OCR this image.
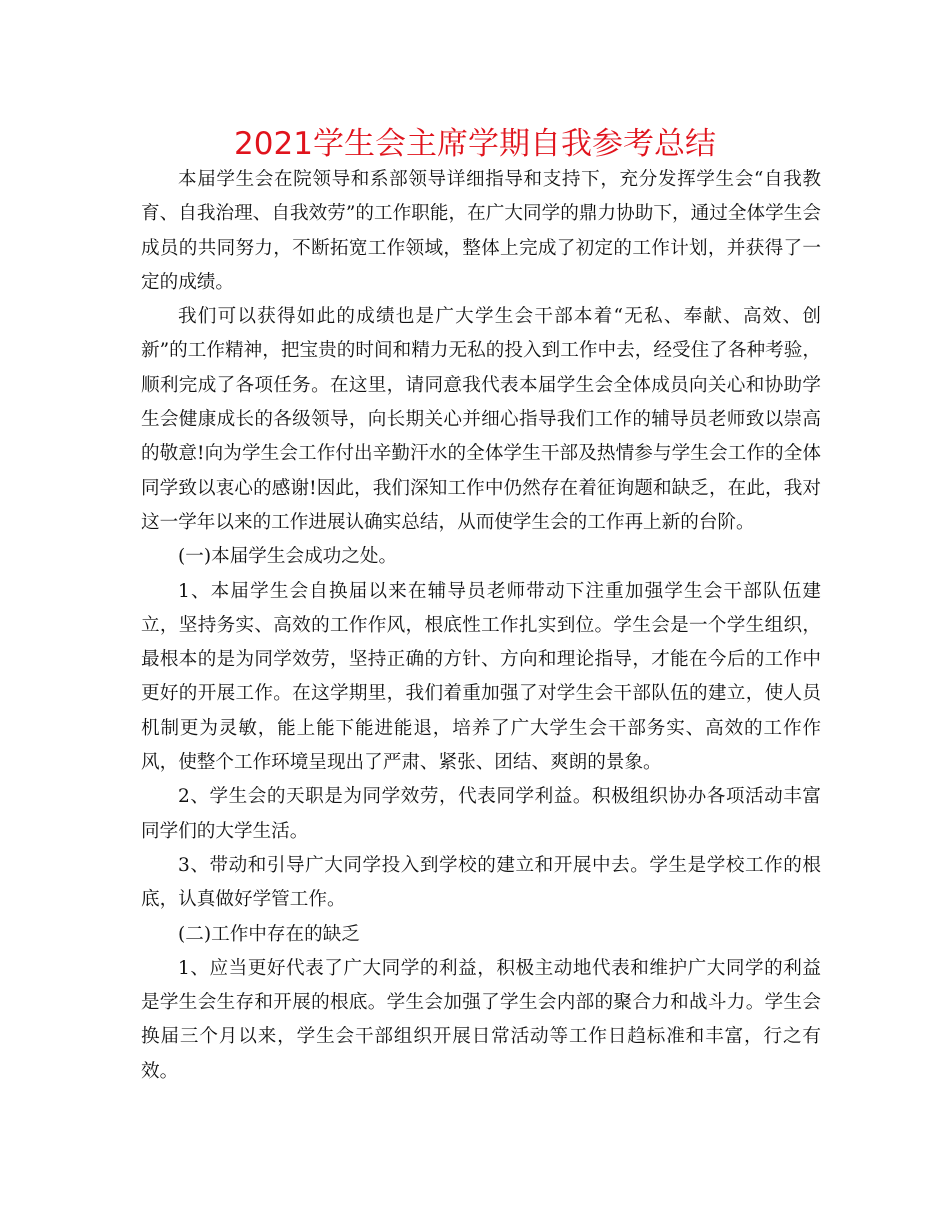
2021学生会主席学期自我参考总结

本届学生会在院领导和系部领导详细指导和支持下，充分发挥学生会“自我教育、自我治理、自我效劳”的工作职能，在广大同学的鼎力协助下，通过全体学生会成员的共同努力，不断拓宽工作领域，整体上完成了初定的工作计划，并获得了一定的成绩。

我们可以获得如此的成绩也是广大学生会干部本着“无私、奉献、高效、创新”的工作精神，把宝贵的时间和精力无私的投入到工作中去，经受住了各种考验，顺利完成了各项任务。在这里，请同意我代表本届学生会全体成员向关心和协助学生会健康成长的各级领导，向长期关心并细心指导我们工作的辅导员老师致以崇高的敬意!向为学生会工作付出辛勤汗水的全体学生干部及热情参与学生会工作的全体同学致以衷心的感谢!因此，我们深知工作中仍然存在着征询题和缺乏，在此，我对这一学年以来的工作进展认确实总结，从而使学生会的工作再上新的台阶。

(一)本届学生会成功之处。

1、本届学生会自换届以来在辅导员老师带动下注重加强学生会干部队伍建立，坚持务实、高效的工作作风，根底性工作扎实到位。学生会是一个学生组织，最根本的是为同学效劳，坚持正确的方针、方向和理论指导，才能在今后的工作中更好的开展工作。在这学期里，我们着重加强了对学生会干部队伍的建立，使人员机制更为灵敏，能上能下能进能退，培养了广大学生会干部务实、高效的工作作风，使整个工作环境呈现出了严肃、紧张、团结、爽朗的景象。

2、学生会的天职是为同学效劳，代表同学利益。积极组织协办各项活动丰富同学们的大学生活。

3、带动和引导广大同学投入到学校的建立和开展中去。学生是学校工作的根底，认真做好学管工作。

(二)工作中存在的缺乏

1、应当更好代表了广大同学的利益，积极主动地代表和维护广大同学的利益是学生会生存和开展的根底。学生会加强了学生会内部的聚合力和战斗力。学生会换届三个月以来，学生会干部组织开展日常活动等工作日趋标准和丰富，行之有效。
